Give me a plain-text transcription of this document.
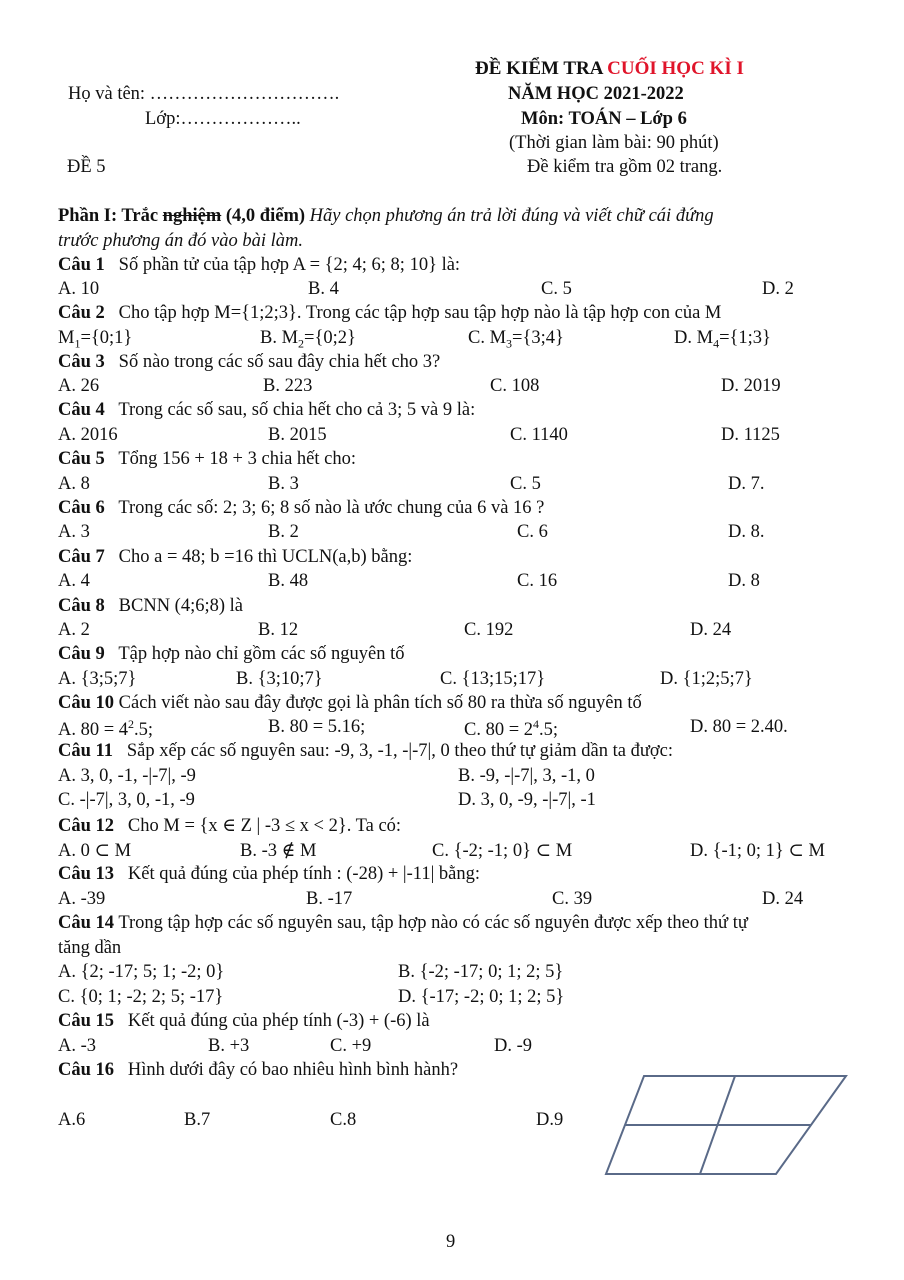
ĐỀ KIỂM TRA CUỐI HỌC KÌ I
Họ và tên: ………………………….	NĂM HỌC 2021-2022
Lớp:………………..	Môn: TOÁN – Lớp 6
(Thời gian làm bài: 90 phút)
ĐỀ 5	Đề kiểm tra gồm 02 trang.
Phần I: Trắc nghiệm (4,0 điểm) Hãy chọn phương án trả lời đúng và viết chữ cái đứng
trước phương án đó vào bài làm.
Câu 1 Số phần tử của tập hợp A = {2; 4; 6; 8; 10} là:
A. 10	B. 4	C. 5	D. 2
Câu 2 Cho tập hợp M={1;2;3}. Trong các tập hợp sau tập hợp nào là tập hợp con của M
$M_1=\{0;1\}$	B. $M_2=\{0;2\}$	C. $M_3=\{3;4\}$	D. $M_4=\{1;3\}$
Câu 3 Số nào trong các số sau đây chia hết cho 3?
A. 26	B. 223	C. 108	D. 2019
Câu 4 Trong các số sau, số chia hết cho cả 3; 5 và 9 là:
A. 2016	B. 2015	C. 1140	D. 1125
Câu 5 Tổng 156 + 18 + 3 chia hết cho:
A. 8	B. 3	C. 5	D. 7.
Câu 6 Trong các số: 2; 3; 6; 8 số nào là ước chung của 6 và 16 ?
A. 3	B. 2	C. 6	D. 8.
Câu 7 Cho a = 48; b =16 thì UCLN(a,b) bằng:
A. 4	B. 48	C. 16	D. 8
Câu 8 BCNN (4;6;8) là
A. 2	B. 12	C. 192	D. 24
Câu 9 Tập hợp nào chỉ gồm các số nguyên tố
A. {3;5;7}	B. {3;10;7}	C. {13;15;17}	D. {1;2;5;7}
Câu 10 Cách viết nào sau đây được gọi là phân tích số 80 ra thừa số nguyên tố
A. $80 = 4^2.5$;	B. 80 = 5.16;	C. $80 = 2^4.5$;	D. 80 = 2.40.
Câu 11 Sắp xếp các số nguyên sau: -9, 3, -1, -|-7|, 0 theo thứ tự giảm dần ta được:
A. 3, 0, -1, -|-7|, -9	B. -9, -|-7|, 3, -1, 0
C. -|-7|, 3, 0, -1, -9	D. 3, 0, -9, -|-7|, -1
Câu 12 Cho M = {x ∈ Z | -3 ≤ x < 2}. Ta có:
A. 0 ⊂ M	B. -3 ∉ M	C. {-2; -1; 0} ⊂ M	D. {-1; 0; 1} ⊂ M
Câu 13 Kết quả đúng của phép tính : (-28) + |-11| bằng:
A. -39	B. -17	C. 39	D. 24
Câu 14 Trong tập hợp các số nguyên sau, tập hợp nào có các số nguyên được xếp theo thứ tự
tăng dần
A. {2; -17; 5; 1; -2; 0}	B. {-2; -17; 0; 1; 2; 5}
C. {0; 1; -2; 2; 5; -17}	D. {-17; -2; 0; 1; 2; 5}
Câu 15 Kết quả đúng của phép tính (-3) + (-6) là
A. -3	B. +3	C. +9	D. -9
Câu 16 Hình dưới đây có bao nhiêu hình bình hành?
A.6	B.7	C.8	D.9
9
